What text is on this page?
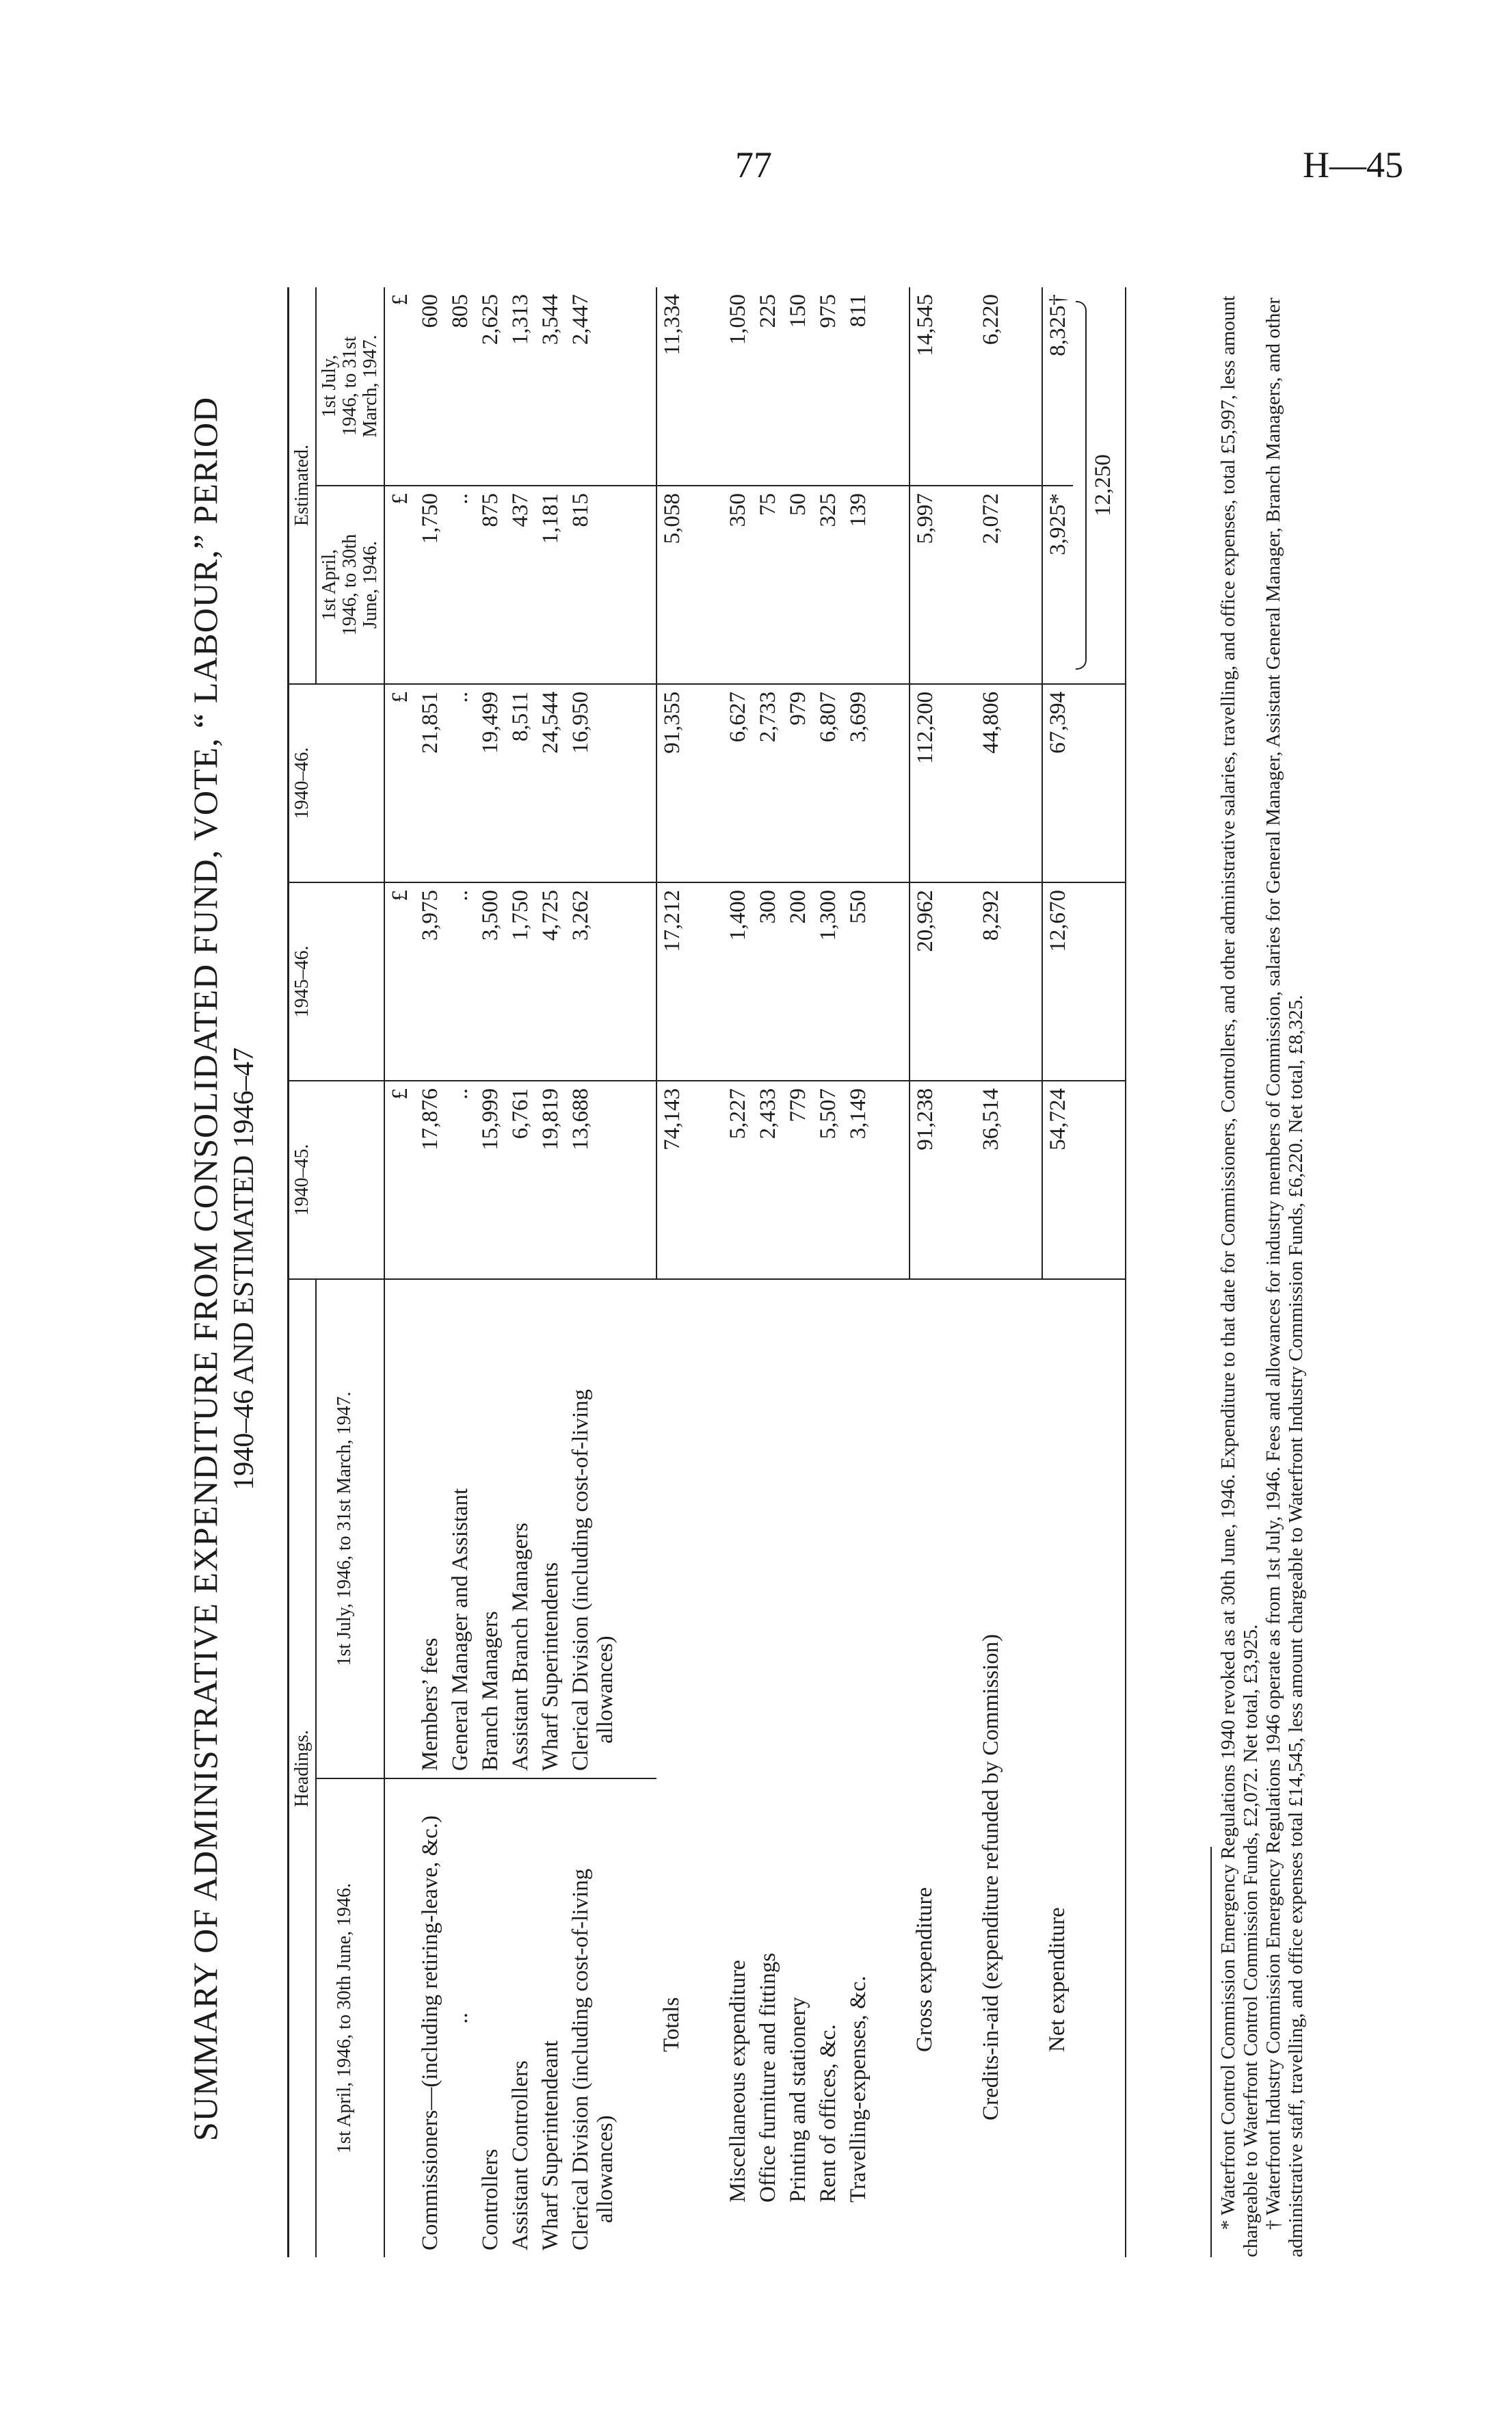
77	H—45
SUMMARY OF ADMINISTRATIVE EXPENDITURE FROM CONSOLIDATED FUND, VOTE, “ LABOUR,” PERIOD 1940–46 AND ESTIMATED 1946–47
Headings.		1940–45.	1945–46.	1940–46.	Estimated.	
1st April, 1946, to 30th June, 1946.	1st July, 1946, to 31st March, 1947.				1st April, 1946, to 30th June, 1946.	1st July, 1946, to 31st March, 1947.

		£	£	£	£	£
Commissioners—(including retiring-leave, &c.)	Members’ fees	17,876	3,975	21,851	1,750	600
..	General Manager and Assistant	..	..	..	..	805
Controllers	Branch Managers	15,999	3,500	19,499	875	2,625
Assistant Controllers	Assistant Branch Managers	6,761	1,750	8,511	437	1,313
Wharf Superintendeant	Wharf Superintendents	19,819	4,725	24,544	1,181	3,544

Clerical Division (including cost-of-living allowances)	Clerical Division (including cost-of-living allowances)	13,688	3,262	16,950	815	2,447

Totals		74,143	17,212	91,355	5,058	11,334

Miscellaneous expenditure		5,227	1,400	6,627	350	1,050
Office furniture and fittings		2,433	300	2,733	75	225
Printing and stationery		779	200	979	50	150
Rent of offices, &c.		5,507	1,300	6,807	325	975
Travelling-expenses, &c.		3,149	550	3,699	139	811

Gross expenditure		91,238	20,962	112,200	5,997	14,545

Credits-in-aid (expenditure refunded by Commission)		36,514	8,292	44,806	2,072	6,220

Net expenditure		54,724	12,670	67,394	3,925*	8,325†

					12,250		* Waterfront Control Commission Emergency Regulations 1940 revoked as at 30th June, 1946. Expenditure to that date for Commissioners, Controllers, and other administrative salaries, travelling, and office expenses, total £5,997, less amount chargeable to Waterfront Control Commission Funds, £2,072. Net total, £3,925. † Waterfront Industry Commission Emergency Regulations 1946 operate as from 1st July, 1946. Fees and allowances for industry members of Commission, salaries for General Manager, Assistant General Manager, Branch Managers, and other administrative staff, travelling, and office expenses total £14,545, less amount chargeable to Waterfront Industry Commission Funds, £6,220. Net total, £8,325.
